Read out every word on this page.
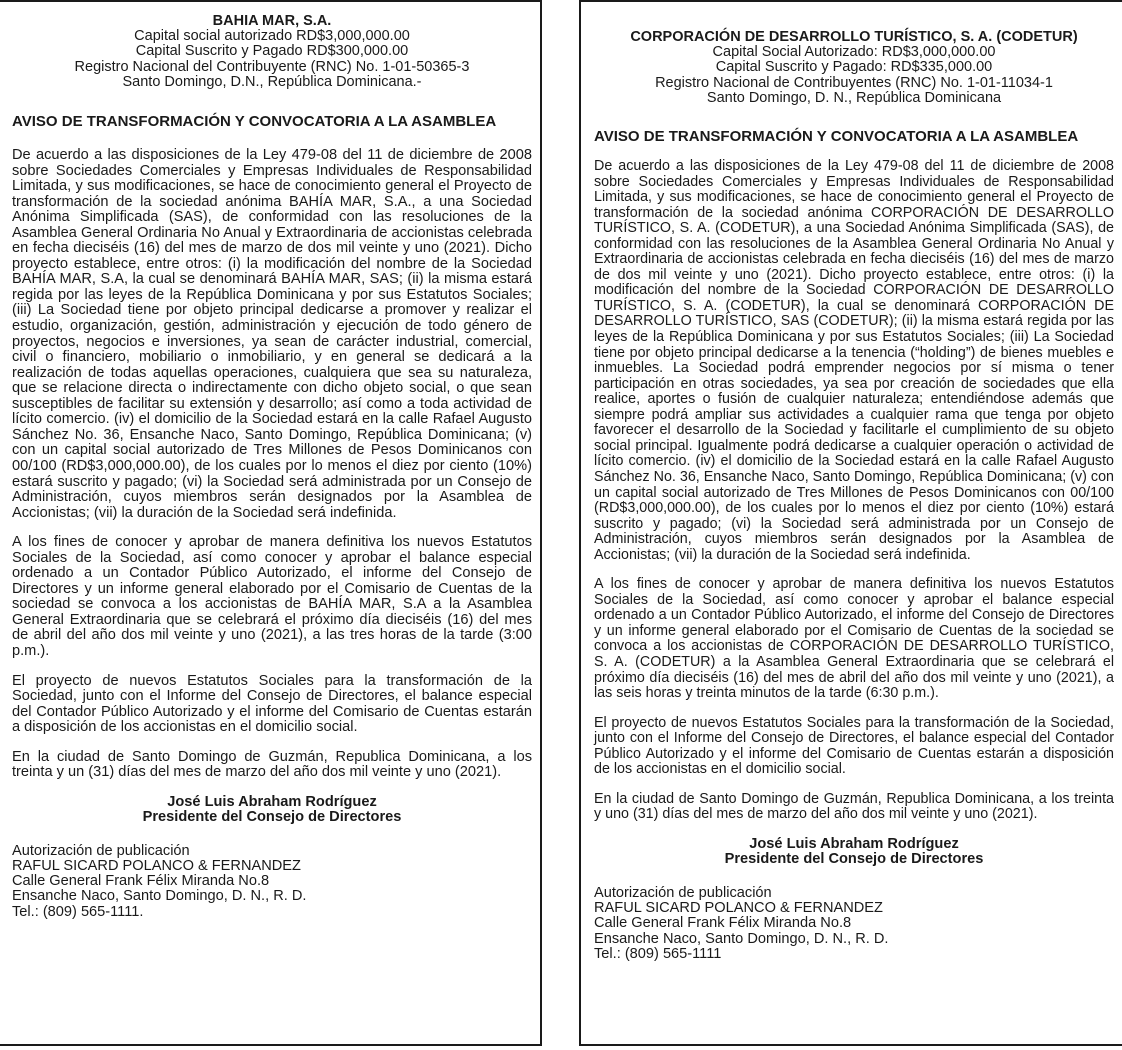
BAHIA MAR, S.A.
Capital social autorizado RD$3,000,000.00
Capital Suscrito y Pagado RD$300,000.00
Registro Nacional del Contribuyente (RNC) No. 1-01-50365-3
Santo Domingo, D.N., República Dominicana.-
AVISO DE TRANSFORMACIÓN Y CONVOCATORIA A LA ASAMBLEA

De acuerdo a las disposiciones de la Ley 479-08 del 11 de diciembre de 2008 sobre Sociedades Comerciales y Empresas Individuales de Responsabilidad Limitada, y sus modificaciones, se hace de conocimiento general el Proyecto de transformación de la sociedad anónima BAHÍA MAR, S.A., a una Sociedad Anónima Simplificada (SAS), de conformidad con las resoluciones de la Asamblea General Ordinaria No Anual y Extraordinaria de accionistas celebrada en fecha dieciséis (16) del mes de marzo de dos mil veinte y uno (2021). Dicho proyecto establece, entre otros: (i) la modificación del nombre de la Sociedad BAHÍA MAR, S.A, la cual se denominará BAHÍA MAR, SAS; (ii) la misma estará regida por las leyes de la República Dominicana y por sus Estatutos Sociales; (iii) La Sociedad tiene por objeto principal dedicarse a promover y realizar el estudio, organización, gestión, administración y ejecución de todo género de proyectos, negocios e inversiones, ya sean de carácter industrial, comercial, civil o financiero, mobiliario o inmobiliario, y en general se dedicará a la realización de todas aquellas operaciones, cualquiera que sea su naturaleza, que se relacione directa o indirectamente con dicho objeto social, o que sean susceptibles de facilitar su extensión y desarrollo; así como a toda actividad de lícito comercio. (iv) el domicilio de la Sociedad estará en la calle Rafael Augusto Sánchez No. 36, Ensanche Naco, Santo Domingo, República Dominicana; (v) con un capital social autorizado de Tres Millones de Pesos Dominicanos con 00/100 (RD$3,000,000.00), de los cuales por lo menos el diez por ciento (10%) estará suscrito y pagado; (vi) la Sociedad será administrada por un Consejo de Administración, cuyos miembros serán designados por la Asamblea de Accionistas; (vii) la duración de la Sociedad será indefinida.

A los fines de conocer y aprobar de manera definitiva los nuevos Estatutos Sociales de la Sociedad, así como conocer y aprobar el balance especial ordenado a un Contador Público Autorizado, el informe del Consejo de Directores y un informe general elaborado por el Comisario de Cuentas de la sociedad se convoca a los accionistas de BAHÍA MAR, S.A a la Asamblea General Extraordinaria que se celebrará el próximo día dieciséis (16) del mes de abril del año dos mil veinte y uno (2021), a las tres horas de la tarde (3:00 p.m.).

El proyecto de nuevos Estatutos Sociales para la transformación de la Sociedad, junto con el Informe del Consejo de Directores, el balance especial del Contador Público Autorizado y el informe del Comisario de Cuentas estarán a disposición de los accionistas en el domicilio social.

En la ciudad de Santo Domingo de Guzmán, Republica Dominicana, a los treinta y un (31) días del mes de marzo del año dos mil veinte y uno (2021).

José Luis Abraham Rodríguez
Presidente del Consejo de Directores
Autorización de publicación
RAFUL SICARD POLANCO & FERNANDEZ
Calle General Frank Félix Miranda No.8
Ensanche Naco, Santo Domingo, D. N., R. D.
Tel.: (809) 565-1111.
CORPORACIÓN DE DESARROLLO TURÍSTICO, S. A. (CODETUR)
Capital Social Autorizado: RD$3,000,000.00
Capital Suscrito y Pagado: RD$335,000.00
Registro Nacional de Contribuyentes (RNC) No. 1-01-11034-1
Santo Domingo, D. N., República Dominicana
AVISO DE TRANSFORMACIÓN Y CONVOCATORIA A LA ASAMBLEA

De acuerdo a las disposiciones de la Ley 479-08 del 11 de diciembre de 2008 sobre Sociedades Comerciales y Empresas Individuales de Responsabilidad Limitada, y sus modificaciones, se hace de conocimiento general el Proyecto de transformación de la sociedad anónima CORPORACIÓN DE DESARROLLO TURÍSTICO, S. A. (CODETUR), a una Sociedad Anónima Simplificada (SAS), de conformidad con las resoluciones de la Asamblea General Ordinaria No Anual y Extraordinaria de accionistas celebrada en fecha dieciséis (16) del mes de marzo de dos mil veinte y uno (2021). Dicho proyecto establece, entre otros: (i) la modificación del nombre de la Sociedad CORPORACIÓN DE DESARROLLO TURÍSTICO, S. A. (CODETUR), la cual se denominará CORPORACIÓN DE DESARROLLO TURÍSTICO, SAS (CODETUR); (ii) la misma estará regida por las leyes de la República Dominicana y por sus Estatutos Sociales; (iii) La Sociedad tiene por objeto principal dedicarse a la tenencia (“holding”) de bienes muebles e inmuebles. La Sociedad podrá emprender negocios por sí misma o tener participación en otras sociedades, ya sea por creación de sociedades que ella realice, aportes o fusión de cualquier naturaleza; entendiéndose además que siempre podrá ampliar sus actividades a cualquier rama que tenga por objeto favorecer el desarrollo de la Sociedad y facilitarle el cumplimiento de su objeto social principal. Igualmente podrá dedicarse a cualquier operación o actividad de lícito comercio. (iv) el domicilio de la Sociedad estará en la calle Rafael Augusto Sánchez No. 36, Ensanche Naco, Santo Domingo, República Dominicana; (v) con un capital social autorizado de Tres Millones de Pesos Dominicanos con 00/100 (RD$3,000,000.00), de los cuales por lo menos el diez por ciento (10%) estará suscrito y pagado; (vi) la Sociedad será administrada por un Consejo de Administración, cuyos miembros serán designados por la Asamblea de Accionistas; (vii) la duración de la Sociedad será indefinida.

A los fines de conocer y aprobar de manera definitiva los nuevos Estatutos Sociales de la Sociedad, así como conocer y aprobar el balance especial ordenado a un Contador Público Autorizado, el informe del Consejo de Directores y un informe general elaborado por el Comisario de Cuentas de la sociedad se convoca a los accionistas de CORPORACIÓN DE DESARROLLO TURÍSTICO, S. A. (CODETUR) a la Asamblea General Extraordinaria que se celebrará el próximo día dieciséis (16) del mes de abril del año dos mil veinte y uno (2021), a las seis horas y treinta minutos de la tarde (6:30 p.m.).

El proyecto de nuevos Estatutos Sociales para la transformación de la Sociedad, junto con el Informe del Consejo de Directores, el balance especial del Contador Público Autorizado y el informe del Comisario de Cuentas estarán a disposición de los accionistas en el domicilio social.

En la ciudad de Santo Domingo de Guzmán, Republica Dominicana, a los treinta y uno (31) días del mes de marzo del año dos mil veinte y uno (2021).

José Luis Abraham Rodríguez
Presidente del Consejo de Directores
Autorización de publicación
RAFUL SICARD POLANCO & FERNANDEZ
Calle General Frank Félix Miranda No.8
Ensanche Naco, Santo Domingo, D. N., R. D.
Tel.: (809) 565-1111
